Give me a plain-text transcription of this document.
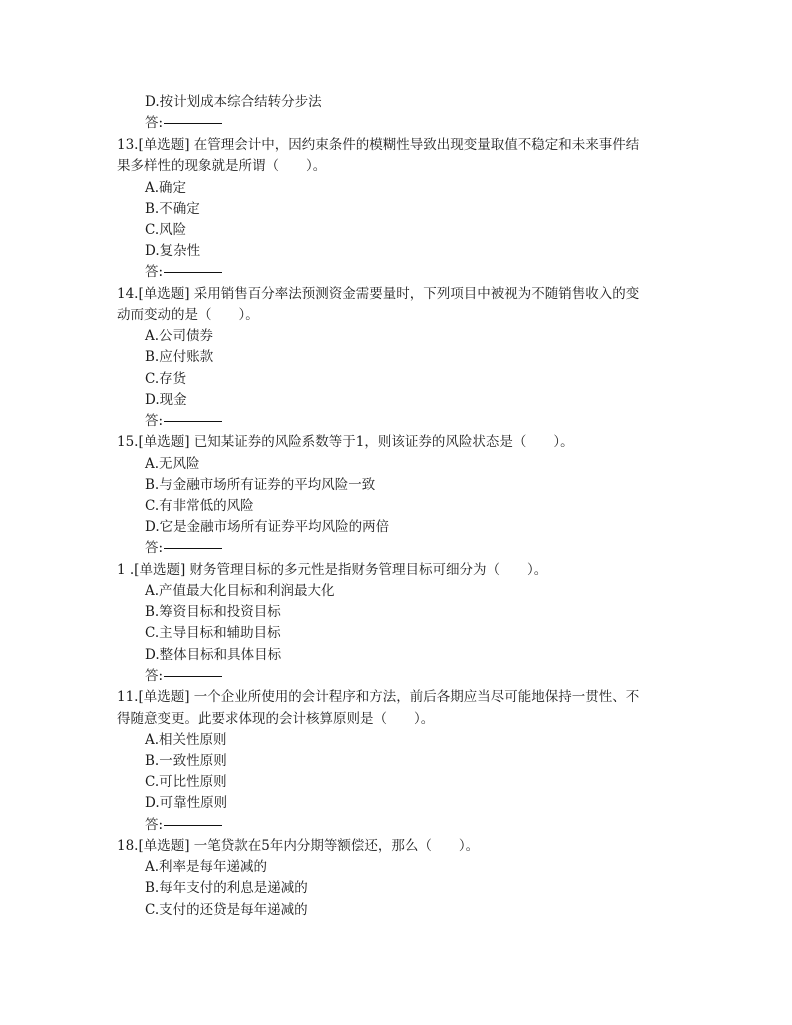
D.按计划成本综合结转分步法
答:
13.[单选题] 在管理会计中，因约束条件的模糊性导致出现变量取值不稳定和未来事件结
果多样性的现象就是所谓（　　）。
A.确定
B.不确定
C.风险
D.复杂性
答:
14.[单选题] 采用销售百分率法预测资金需要量时，下列项目中被视为不随销售收入的变
动而变动的是（　　）。
A.公司债券
B.应付账款
C.存货
D.现金
答:
15.[单选题] 已知某证券的风险系数等于1，则该证券的风险状态是（　　）。
A.无风险
B.与金融市场所有证券的平均风险一致
C.有非常低的风险
D.它是金融市场所有证券平均风险的两倍
答:
1 .[单选题] 财务管理目标的多元性是指财务管理目标可细分为（　　）。
A.产值最大化目标和利润最大化
B.筹资目标和投资目标
C.主导目标和辅助目标
D.整体目标和具体目标
答:
11.[单选题] 一个企业所使用的会计程序和方法，前后各期应当尽可能地保持一贯性、不
得随意变更。此要求体现的会计核算原则是（　　）。
A.相关性原则
B.一致性原则
C.可比性原则
D.可靠性原则
答:
18.[单选题] 一笔贷款在5年内分期等额偿还，那么（　　）。
A.利率是每年递减的
B.每年支付的利息是递减的
C.支付的还贷是每年递减的
